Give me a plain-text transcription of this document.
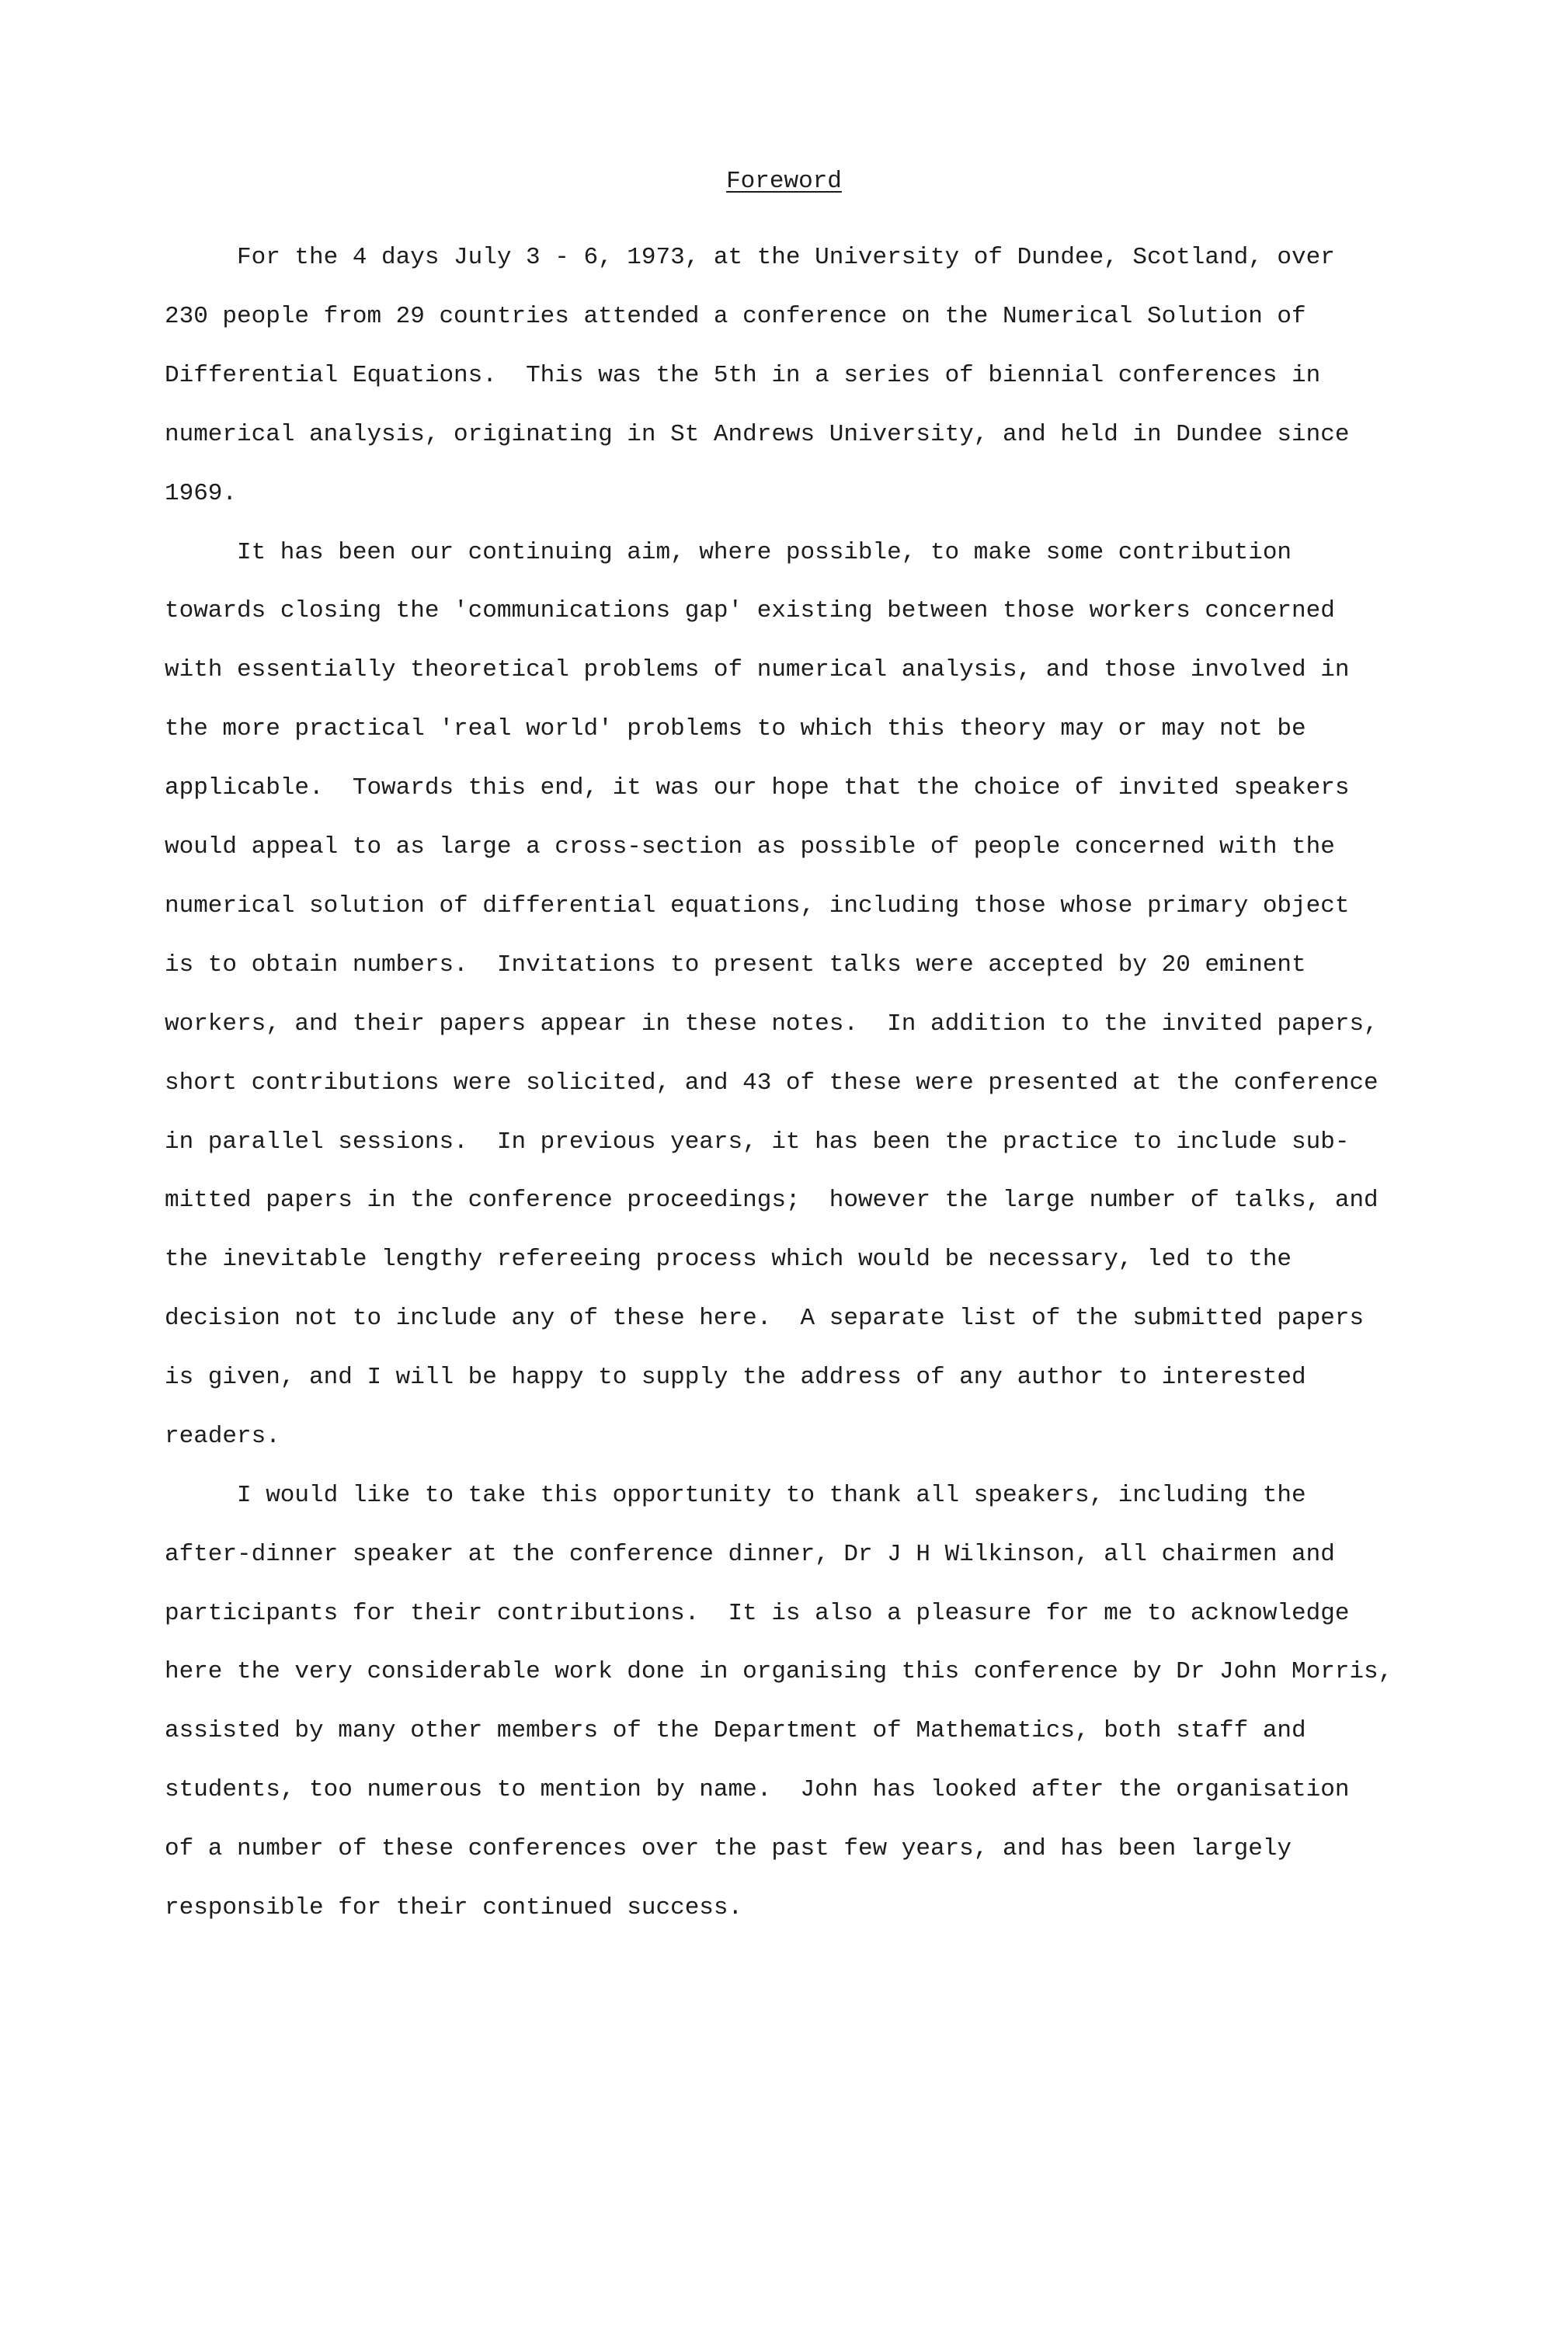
Foreword
For the 4 days July 3 - 6, 1973, at the University of Dundee, Scotland, over
230 people from 29 countries attended a conference on the Numerical Solution of
Differential Equations.  This was the 5th in a series of biennial conferences in
numerical analysis, originating in St Andrews University, and held in Dundee since
1969.
It has been our continuing aim, where possible, to make some contribution
towards closing the 'communications gap' existing between those workers concerned
with essentially theoretical problems of numerical analysis, and those involved in
the more practical 'real world' problems to which this theory may or may not be
applicable.  Towards this end, it was our hope that the choice of invited speakers
would appeal to as large a cross-section as possible of people concerned with the
numerical solution of differential equations, including those whose primary object
is to obtain numbers.  Invitations to present talks were accepted by 20 eminent
workers, and their papers appear in these notes.  In addition to the invited papers,
short contributions were solicited, and 43 of these were presented at the conference
in parallel sessions.  In previous years, it has been the practice to include sub-
mitted papers in the conference proceedings;  however the large number of talks, and
the inevitable lengthy refereeing process which would be necessary, led to the
decision not to include any of these here.  A separate list of the submitted papers
is given, and I will be happy to supply the address of any author to interested
readers.
I would like to take this opportunity to thank all speakers, including the
after-dinner speaker at the conference dinner, Dr J H Wilkinson, all chairmen and
participants for their contributions.  It is also a pleasure for me to acknowledge
here the very considerable work done in organising this conference by Dr John Morris,
assisted by many other members of the Department of Mathematics, both staff and
students, too numerous to mention by name.  John has looked after the organisation
of a number of these conferences over the past few years, and has been largely
responsible for their continued success.
